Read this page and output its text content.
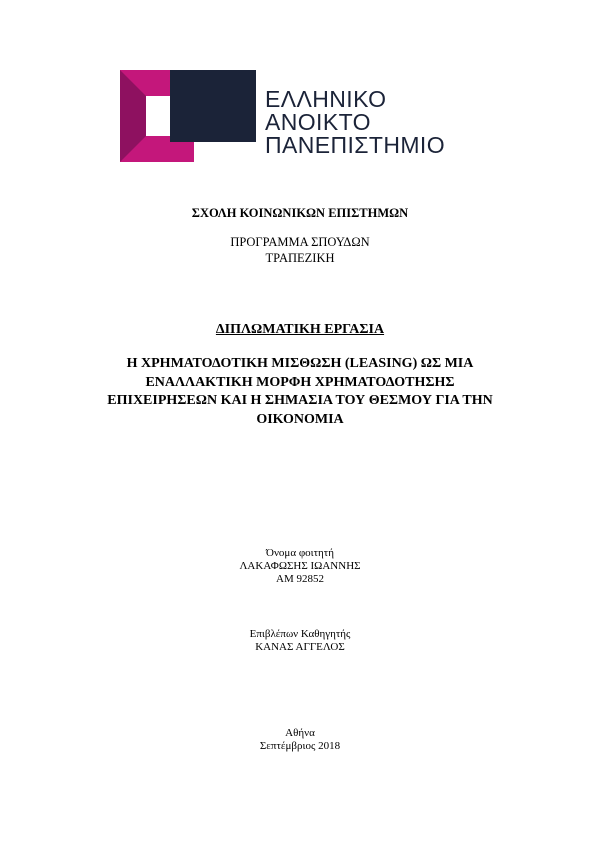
ΕΛΛΗΝΙΚΟ
ΑΝΟΙΚΤΟ
ΠΑΝΕΠΙΣΤΗΜΙΟ
ΣΧΟΛΗ ΚΟΙΝΩΝΙΚΩΝ ΕΠΙΣΤΗΜΩΝ
ΠΡΟΓΡΑΜΜΑ ΣΠΟΥΔΩΝ
ΤΡΑΠΕΖΙΚΗ
ΔΙΠΛΩΜΑΤΙΚΗ ΕΡΓΑΣΙΑ
Η ΧΡΗΜΑΤΟΔΟΤΙΚΗ ΜΙΣΘΩΣΗ (LEASING) ΩΣ ΜΙΑ
ΕΝΑΛΛΑΚΤΙΚΗ ΜΟΡΦΗ ΧΡΗΜΑΤΟΔΟΤΗΣΗΣ
ΕΠΙΧΕΙΡΗΣΕΩΝ ΚΑΙ Η ΣΗΜΑΣΙΑ ΤΟΥ ΘΕΣΜΟΥ ΓΙΑ ΤΗΝ
ΟΙΚΟΝΟΜΙΑ
Όνομα φοιτητή
ΛΑΚΑΦΩΣΗΣ ΙΩΑΝΝΗΣ
ΑΜ 92852
Επιβλέπων Καθηγητής
ΚΑΝΑΣ ΑΓΓΕΛΟΣ
Αθήνα
Σεπτέμβριος 2018
